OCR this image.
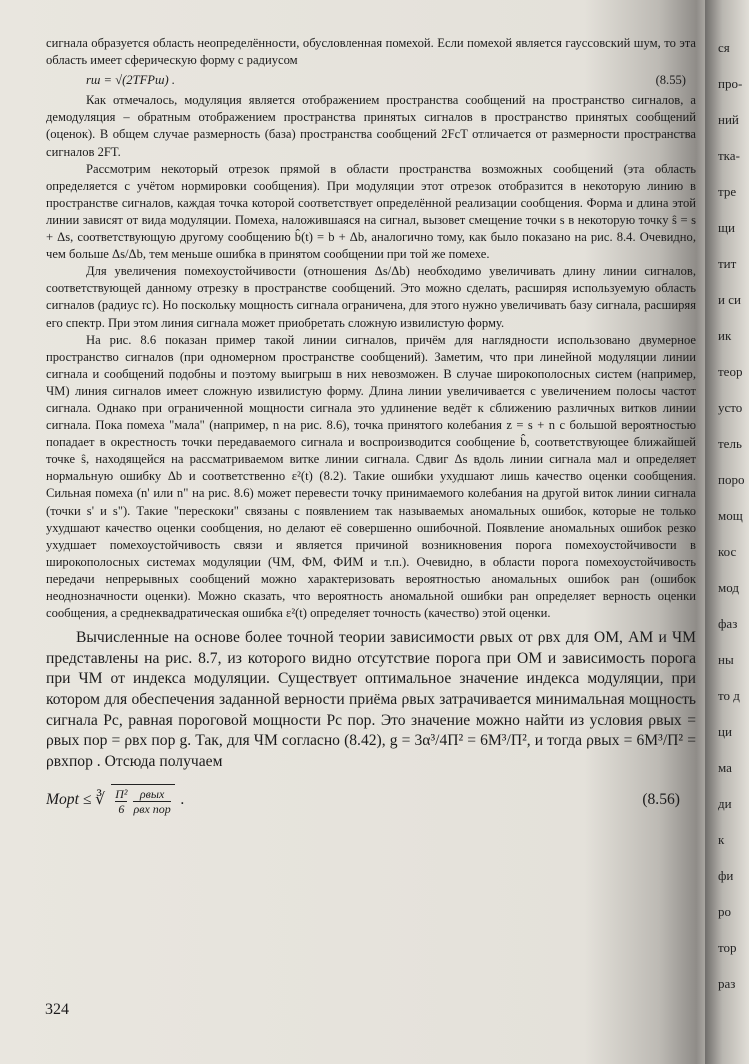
сигнала образуется область неопределённости, обусловленная помехой. Если помехой является гауссовский шум, то эта область имеет сферическую форму с радиусом

rш = √(2TFPш) .	(8.55)

Как отмечалось, модуляция является отображением пространства сообщений на пространство сигналов, а демодуляция – обратным отображением пространства принятых сигналов в пространство принятых сообщений (оценок). В общем случае размерность (база) пространства сообщений 2FcT отличается от размерности пространства сигналов 2FT.

Рассмотрим некоторый отрезок прямой в области пространства возможных сообщений (эта область определяется с учётом нормировки сообщения). При модуляции этот отрезок отобразится в некоторую линию в пространстве сигналов, каждая точка которой соответствует определённой реализации сообщения. Форма и длина этой линии зависят от вида модуляции. Помеха, наложившаяся на сигнал, вызовет смещение точки s в некоторую точку ŝ = s + Δs, соответствующую другому сообщению b̂(t) = b + Δb, аналогично тому, как было показано на рис. 8.4. Очевидно, чем больше Δs/Δb, тем меньше ошибка в принятом сообщении при той же помехе.

Для увеличения помехоустойчивости (отношения Δs/Δb) необходимо увеличивать длину линии сигналов, соответствующей данному отрезку в пространстве сообщений. Это можно сделать, расширяя используемую область сигналов (радиус rc). Но поскольку мощность сигнала ограничена, для этого нужно увеличивать базу сигнала, расширяя его спектр. При этом линия сигнала может приобретать сложную извилистую форму.

На рис. 8.6 показан пример такой линии сигналов, причём для наглядности использовано двумерное пространство сигналов (при одномерном пространстве сообщений). Заметим, что при линейной модуляции линии сигнала и сообщений подобны и поэтому выигрыш в них невозможен. В случае широкополосных систем (например, ЧМ) линия сигналов имеет сложную извилистую форму. Длина линии увеличивается с увеличением полосы частот сигнала. Однако при ограниченной мощности сигнала это удлинение ведёт к сближению различных витков линии сигнала. Пока помеха "мала" (например, n на рис. 8.6), точка принятого колебания z = s + n с большой вероятностью попадает в окрестность точки передаваемого сигнала и воспроизводится сообщение b̂, соответствующее ближайшей точке ŝ, находящейся на рассматриваемом витке линии сигнала. Сдвиг Δs вдоль линии сигнала мал и определяет нормальную ошибку Δb и соответственно ε²(t) (8.2). Такие ошибки ухудшают лишь качество оценки сообщения. Сильная помеха (n' или n" на рис. 8.6) может перевести точку принимаемого колебания на другой виток линии сигнала (точки s' и s"). Такие "перескоки" связаны с появлением так называемых аномальных ошибок, которые не только ухудшают качество оценки сообщения, но делают её совершенно ошибочной. Появление аномальных ошибок резко ухудшает помехоустойчивость связи и является причиной возникновения порога помехоустойчивости в широкополосных системах модуляции (ЧМ, ФМ, ФИМ и т.п.). Очевидно, в области порога помехоустойчивость передачи непрерывных сообщений можно характеризовать вероятностью аномальных ошибок pан (ошибок неоднозначности оценки). Можно сказать, что вероятность аномальной ошибки pан определяет верность оценки сообщения, а среднеквадратическая ошибка ε²(t) определяет точность (качество) этой оценки.

Вычисленные на основе более точной теории зависимости ρвых от ρвх для ОМ, АМ и ЧМ представлены на рис. 8.7, из которого видно отсутствие порога при ОМ и зависимость порога при ЧМ от индекса модуляции. Существует оптимальное значение индекса модуляции, при котором для обеспечения заданной верности приёма ρвых затрачивается минимальная мощность сигнала Pc, равная пороговой мощности Pc пор. Это значение можно найти из условия ρвых = ρвых пор = ρвх пор g. Так, для ЧМ согласно (8.42), g = 3α³/4Π² = 6M³/Π², и тогда ρвых = 6M³/Π² = ρвхпор . Отсюда получаем

Mopt ≤ ∛ $\frac{\text{Π²}}{6} \frac{\text{ρвых}}{\text{ρвх пор}}$ .	(8.56)
324
ся
про-
ний
тка-
тре
щи
тит
и си
ик
теор
усто
тель
поро
мощ
кос
мод
фаз
ны
то д
ци
ма
ди
к
фи
ро
тор
раз
